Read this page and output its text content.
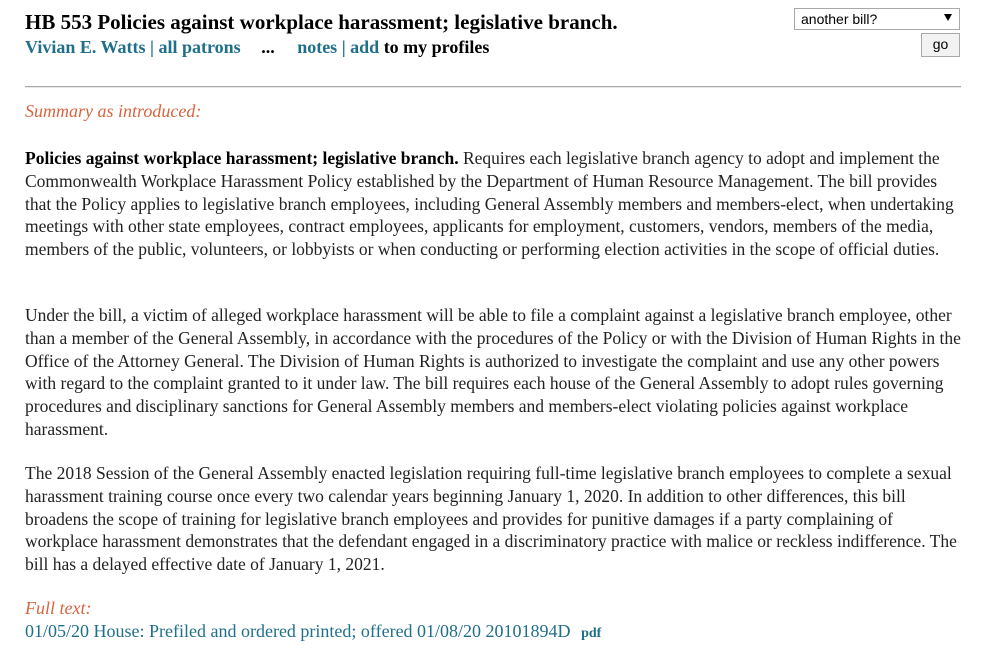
HB 553 Policies against workplace harassment; legislative branch.
Vivian E. Watts | all patrons ... notes | add to my profiles
another bill?
go
Summary as introduced:
Policies against workplace harassment; legislative branch. Requires each legislative branch agency to adopt and implement the Commonwealth Workplace Harassment Policy established by the Department of Human Resource Management. The bill provides that the Policy applies to legislative branch employees, including General Assembly members and members-elect, when undertaking meetings with other state employees, contract employees, applicants for employment, customers, vendors, members of the media, members of the public, volunteers, or lobbyists or when conducting or performing election activities in the scope of official duties.
Under the bill, a victim of alleged workplace harassment will be able to file a complaint against a legislative branch employee, other than a member of the General Assembly, in accordance with the procedures of the Policy or with the Division of Human Rights in the Office of the Attorney General. The Division of Human Rights is authorized to investigate the complaint and use any other powers with regard to the complaint granted to it under law. The bill requires each house of the General Assembly to adopt rules governing procedures and disciplinary sanctions for General Assembly members and members-elect violating policies against workplace harassment.
The 2018 Session of the General Assembly enacted legislation requiring full-time legislative branch employees to complete a sexual harassment training course once every two calendar years beginning January 1, 2020. In addition to other differences, this bill broadens the scope of training for legislative branch employees and provides for punitive damages if a party complaining of workplace harassment demonstrates that the defendant engaged in a discriminatory practice with malice or reckless indifference. The bill has a delayed effective date of January 1, 2021.
Full text:
01/05/20 House: Prefiled and ordered printed; offered 01/08/20 20101894D pdf
